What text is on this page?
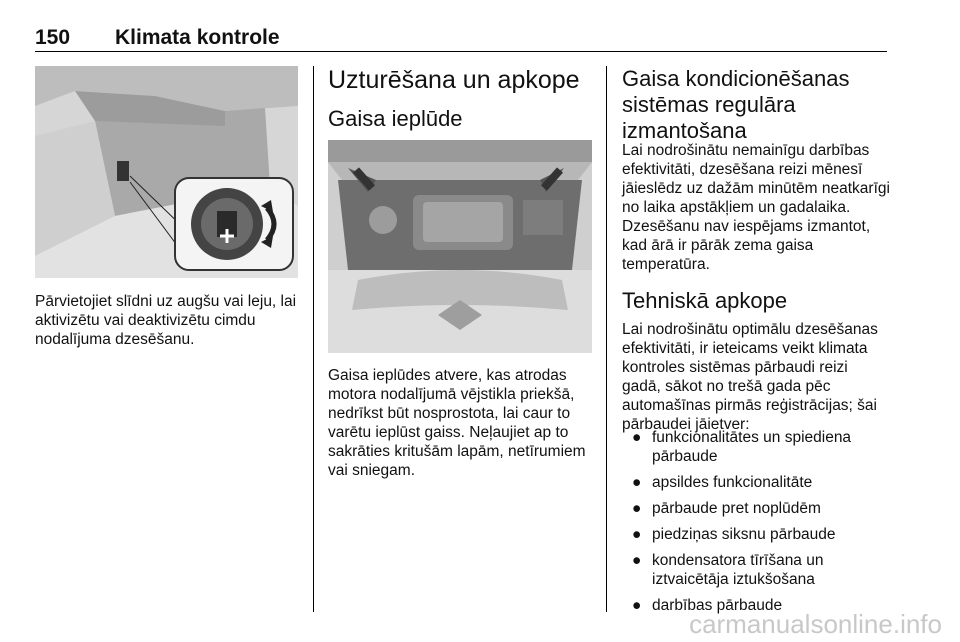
150 Klimata kontrole

Pārvietojiet slīdni uz augšu vai leju, lai aktivizētu vai deaktivizētu cimdu nodalījuma dzesēšanu.

Uzturēšana un apkope
Gaisa ieplūde

Gaisa ieplūdes atvere, kas atrodas motora nodalījumā vējstikla priekšā, nedrīkst būt nosprostota, lai caur to varētu ieplūst gaiss. Neļaujiet ap to sakrāties kritušām lapām, netīrumiem vai sniegam.

Gaisa kondicionēšanas sistēmas regulāra izmantošana

Lai nodrošinātu nemainīgu darbības efektivitāti, dzesēšana reizi mēnesī jāieslēdz uz dažām minūtēm neatkarīgi no laika apstākļiem un gadalaika. Dzesēšanu nav iespējams izmantot, kad ārā ir pārāk zema gaisa temperatūra.

Tehniskā apkope

Lai nodrošinātu optimālu dzesēšanas efektivitāti, ir ieteicams veikt klimata kontroles sistēmas pārbaudi reizi gadā, sākot no trešā gada pēc automašīnas pirmās reģistrācijas; šai pārbaudei jāietver:

● funkcionalitātes un spiediena pārbaude
● apsildes funkcionalitāte
● pārbaude pret noplūdēm
● piedziņas siksnu pārbaude
● kondensatora tīrīšana un iztvaicētāja iztukšošana
● darbības pārbaude
carmanualsonline.info
